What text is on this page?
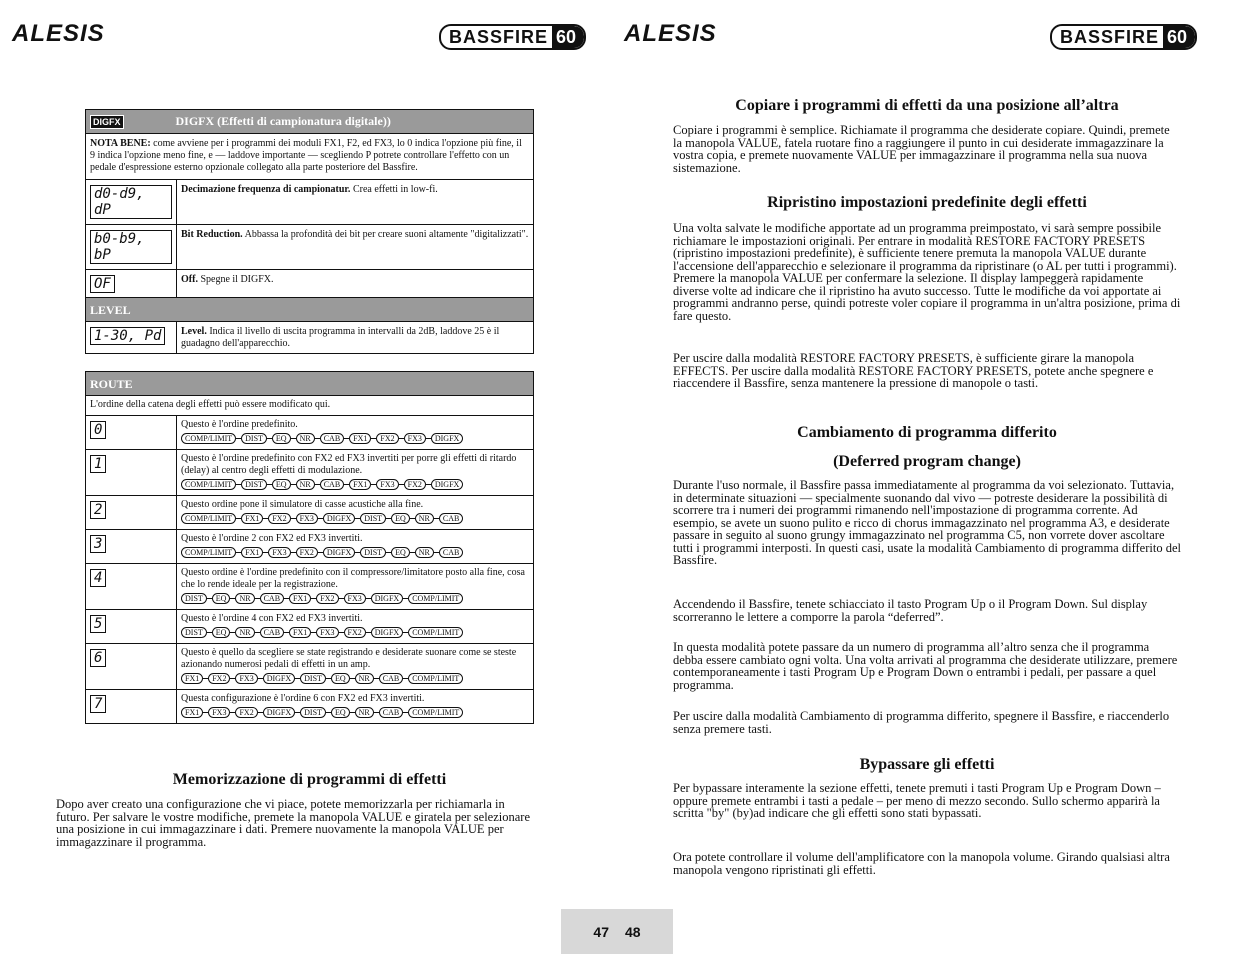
ALESIS	BASSFIRE 60	ALESIS	BASSFIRE 60
DIGFX DIGFX (Effetti di campionatura digitale))	
NOTA BENE: come avviene per i programmi dei moduli FX1, F2, ed FX3, lo 0 indica l'opzione più fine, il 9 indica l'opzione meno fine, e — laddove importante — scegliendo P potrete controllare l'effetto con un pedale d'espressione esterno opzionale collegato alla parte posteriore del Bassfire.	
d0-d9, dP	Decimazione frequenza di campionatur. Crea effetti in low-fi.
b0-b9, bP	Bit Reduction. Abbassa la profondità dei bit per creare suoni altamente "digitalizzati".
OF	Off. Spegne il DIGFX.
LEVEL
1-30, Pd	Level. Indica il livello di uscita programma in intervalli da 2dB, laddove 25 è il guadagno dell'apparecchio.
ROUTE	
L'ordine della catena degli effetti può essere modificato qui.	
0	Questo è l'ordine predefinito.
COMP/LIMIT DIST EQ NR CAB FX1 FX2 FX3 DIGFX

1	Questo è l'ordine predefinito con FX2 ed FX3 invertiti per porre gli effetti di ritardo (delay) al centro degli effetti di modulazione.
COMP/LIMIT DIST EQ NR CAB FX1 FX3 FX2 DIGFX

2	Questo ordine pone il simulatore di casse acustiche alla fine.
COMP/LIMIT FX1 FX2 FX3 DIGFX DIST EQ NR CAB

3	Questo è l'ordine 2 con FX2 ed FX3 invertiti.
COMP/LIMIT FX1 FX3 FX2 DIGFX DIST EQ NR CAB

4	Questo ordine è l'ordine predefinito con il compressore/limitatore posto alla fine, cosa che lo rende ideale per la registrazione.
DIST EQ NR CAB FX1 FX2 FX3 DIGFX COMP/LIMIT

5	Questo è l'ordine 4 con FX2 ed FX3 invertiti.
DIST EQ NR CAB FX1 FX3 FX2 DIGFX COMP/LIMIT

6	Questo è quello da scegliere se state registrando e desiderate suonare come se steste azionando numerosi pedali di effetti in un amp.
FX1 FX2 FX3 DIGFX DIST EQ NR CAB COMP/LIMIT

7	Questa configurazione è l'ordine 6 con FX2 ed FX3 invertiti.
FX1 FX3 FX2 DIGFX DIST EQ NR CAB COMP/LIMIT
Memorizzazione di programmi di effetti

Dopo aver creato una configurazione che vi piace, potete memorizzarla per richiamarla in futuro. Per salvare le vostre modifiche, premete la manopola VALUE e giratela per selezionare una posizione in cui immagazzinare i dati. Premere nuovamente la manopola VALUE per immagazzinare il programma.

Copiare i programmi di effetti da una posizione all’altra

Copiare i programmi è semplice. Richiamate il programma che desiderate copiare. Quindi, premete la manopola VALUE, fatela ruotare fino a raggiungere il punto in cui desiderate immagazzinare la vostra copia, e premete nuovamente VALUE per immagazzinare il programma nella sua nuova sistemazione.

Ripristino impostazioni predefinite degli effetti

Una volta salvate le modifiche apportate ad un programma preimpostato, vi sarà sempre possibile richiamare le impostazioni originali. Per entrare in modalità RESTORE FACTORY PRESETS (ripristino impostazioni predefinite), è sufficiente tenere premuta la manopola VALUE durante l'accensione dell'apparecchio e selezionare il programma da ripristinare (o AL per tutti i programmi). Premere la manopola VALUE per confermare la selezione. Il display lampeggerà rapidamente diverse volte ad indicare che il ripristino ha avuto successo. Tutte le modifiche da voi apportate ai programmi andranno perse, quindi potreste voler copiare il programma in un'altra posizione, prima di fare questo.

Per uscire dalla modalità RESTORE FACTORY PRESETS, è sufficiente girare la manopola EFFECTS. Per uscire dalla modalità RESTORE FACTORY PRESETS, potete anche spegnere e riaccendere il Bassfire, senza mantenere la pressione di manopole o tasti.

Cambiamento di programma differito
(Deferred program change)

Durante l'uso normale, il Bassfire passa immediatamente al programma da voi selezionato. Tuttavia, in determinate situazioni — specialmente suonando dal vivo — potreste desiderare la possibilità di scorrere tra i numeri dei programmi rimanendo nell'impostazione di programma corrente. Ad esempio, se avete un suono pulito e ricco di chorus immagazzinato nel programma A3, e desiderate passare in seguito al suono grungy immagazzinato nel programma C5, non vorrete dover ascoltare tutti i programmi interposti. In questi casi, usate la modalità Cambiamento di programma differito del Bassfire.

Accendendo il Bassfire, tenete schiacciato il tasto Program Up o il Program Down. Sul display scorreranno le lettere a comporre la parola “deferred”.

In questa modalità potete passare da un numero di programma all’altro senza che il programma debba essere cambiato ogni volta. Una volta arrivati al programma che desiderate utilizzare, premere contemporaneamente i tasti Program Up e Program Down o entrambi i pedali, per passare a quel programma.

Per uscire dalla modalità Cambiamento di programma differito, spegnere il Bassfire, e riaccenderlo senza premere tasti.

Bypassare gli effetti

Per bypassare interamente la sezione effetti, tenete premuti i tasti Program Up e Program Down – oppure premete entrambi i tasti a pedale – per meno di mezzo secondo. Sullo schermo apparirà la scritta "by" (by)ad indicare che gli effetti sono stati bypassati.

Ora potete controllare il volume dell'amplificatore con la manopola volume. Girando qualsiasi altra manopola vengono ripristinati gli effetti.

47 48
